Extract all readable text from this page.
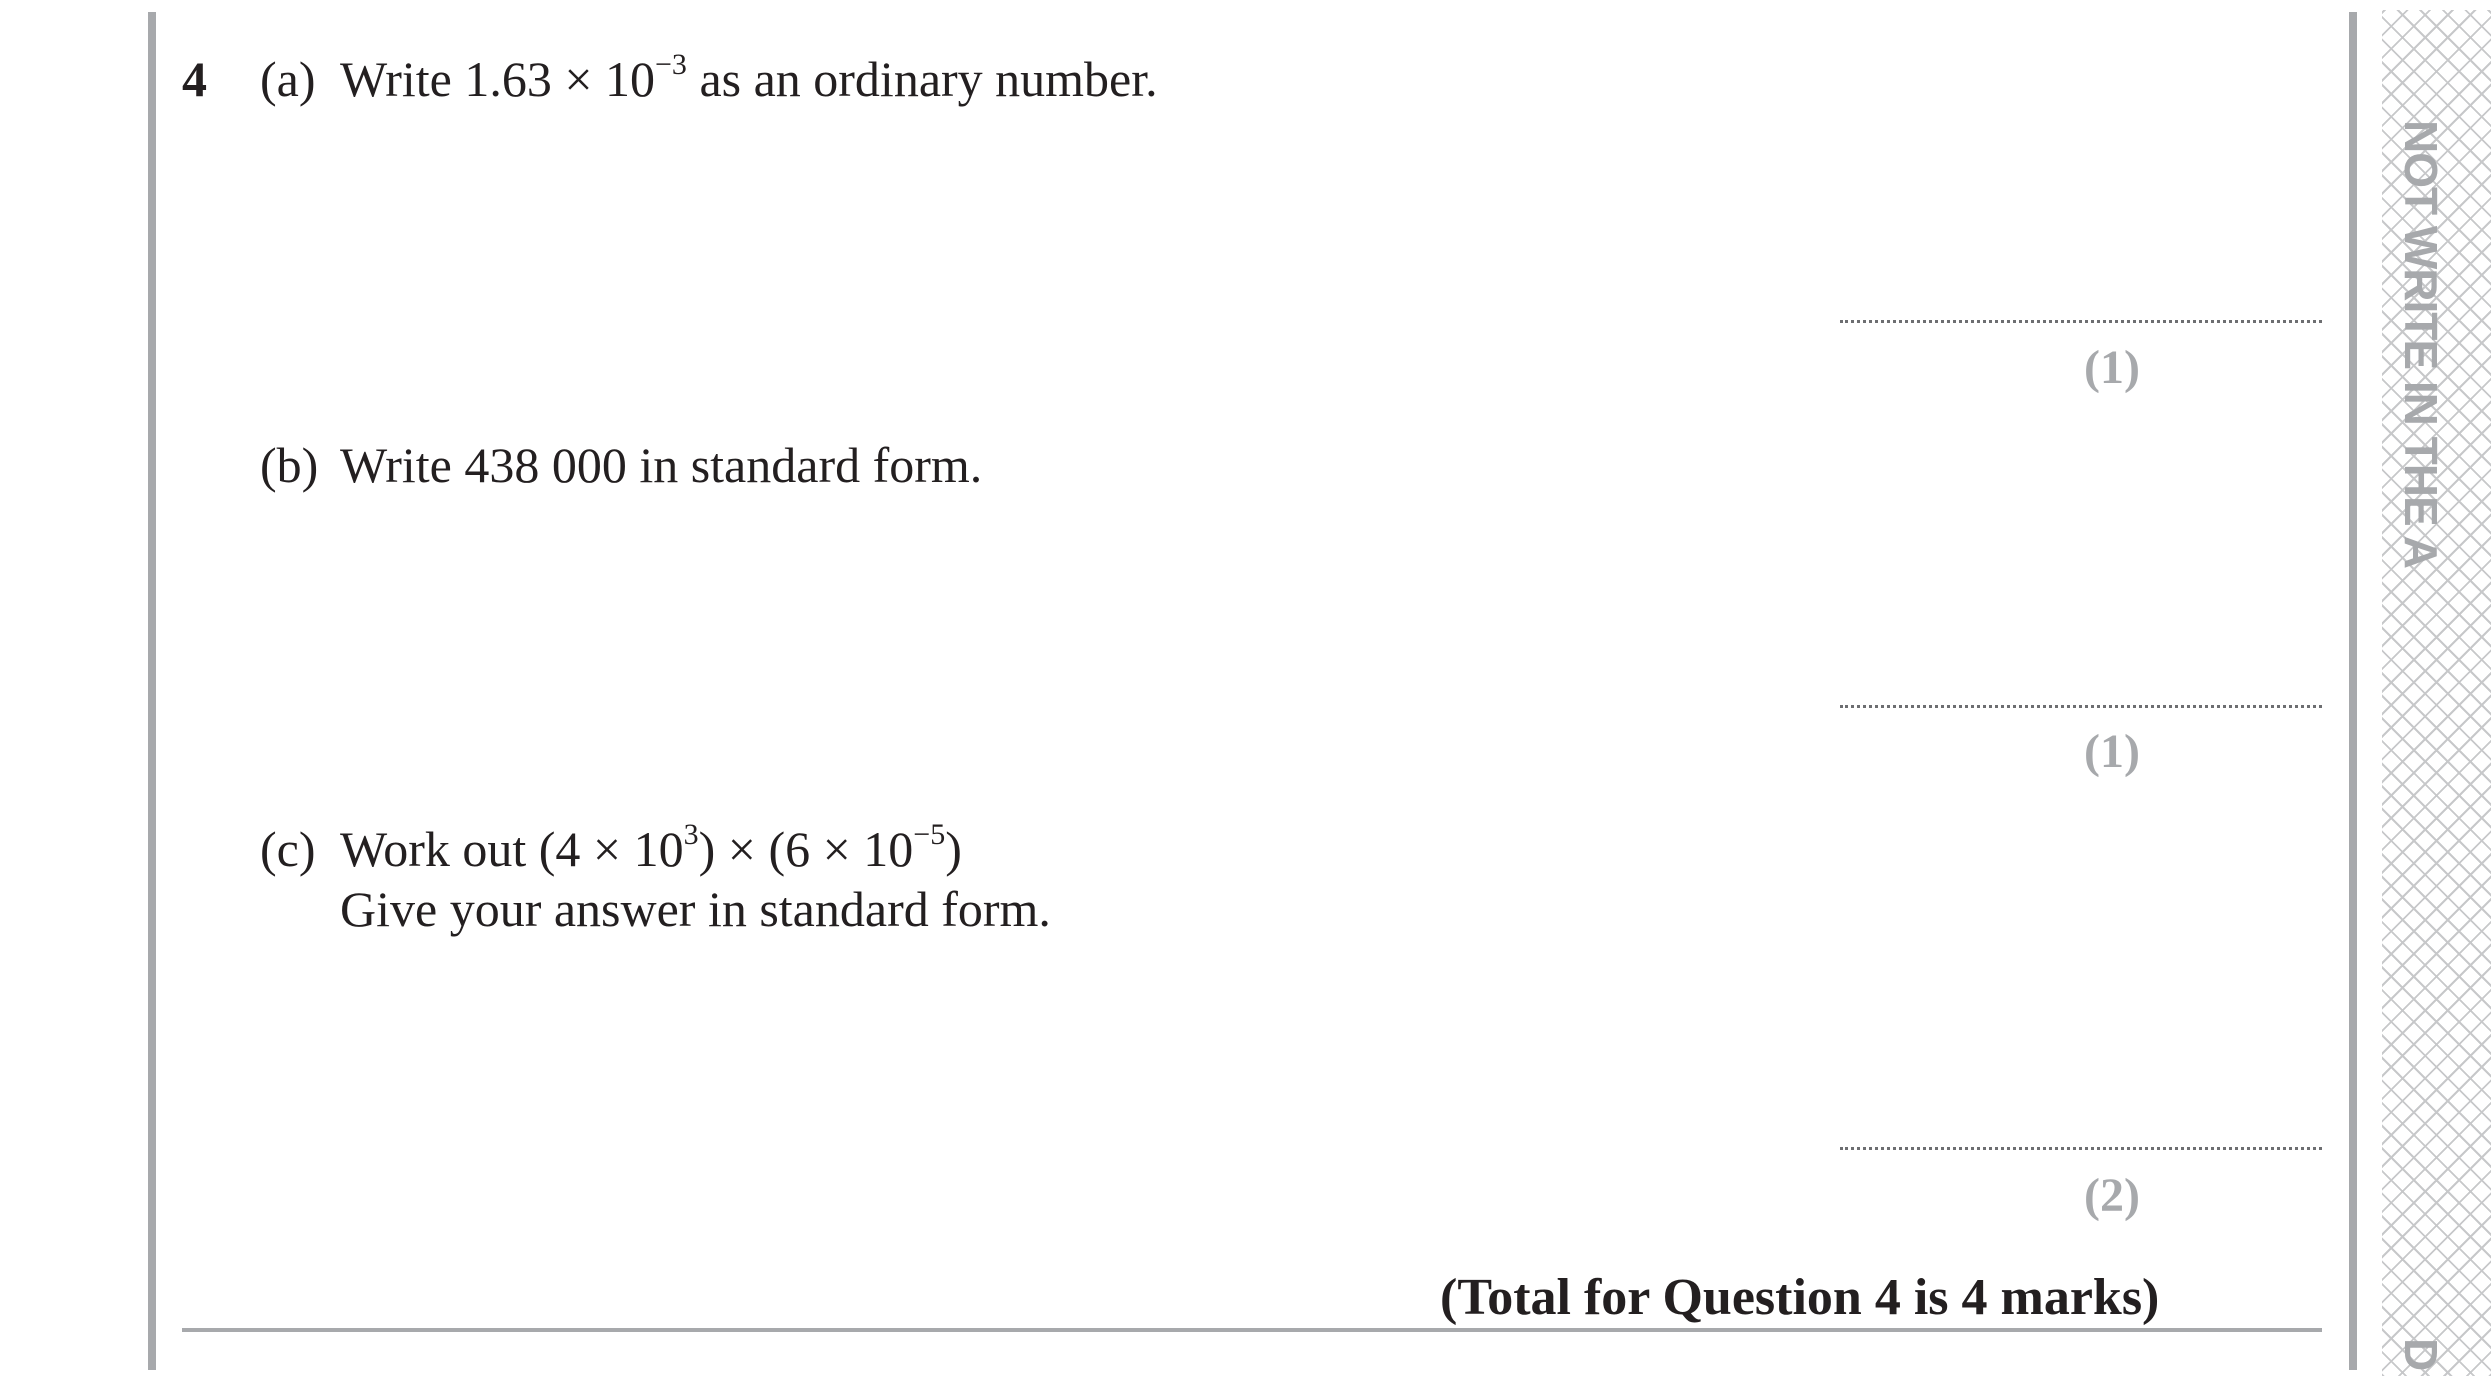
NOT WRITE IN THE A
D
4 (a) Write $1.63 \times 10^{-3}$ as an ordinary number.
(1)
(b) Write 438 000 in standard form.
(1)
(c) Work out $(4 \times 10^3) \times (6 \times 10^{-5})$
Give your answer in standard form.
(2)
(Total for Question 4 is 4 marks)
